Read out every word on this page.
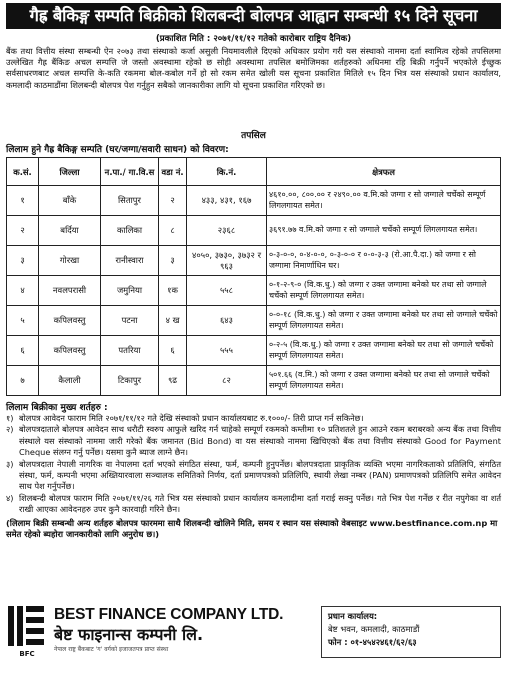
गैह्र बैकिङ्ग सम्पति बिक्रीको शिलबन्दी बोलपत्र आह्वान सम्बन्धी १५ दिने सूचना
(प्रकाशित मिति : २०७१/११/१२ गतेको कारोबार राष्ट्रिय दैनिक)
बैंक तथा वित्तीय संस्था सम्बन्धी ऐन २०७३ तथा संस्थाको कर्जा असुली नियमावलीले दिएको अधिकार प्रयोग गरी यस संस्थाको नाममा दर्ता स्वामित्व रहेको तपसिलमा उल्लेखित गैह्र बैंकिङ अचल सम्पत्ति जे जस्तो अवस्थामा रहेको छ सोही अवस्थामा तपसिल बमोजिमका शर्तहरुको अधिनमा रहि बिक्री गर्नुपर्ने भएकोले ईच्छुक सर्वसाधरणबाट अचल सम्पत्ति के-कति रकममा बोल-कबोल गर्ने हो सो रकम समेत खोली यस सूचना प्रकाशित मितिले १५ दिन भित्र यस संस्थाको प्रधान कार्यालय, कमलादी काठमाडौंमा शिलबन्दी बोलपत्र पेश गर्नुहुन सबैको जानकारीका लागि यो सूचना प्रकाशित गरिएको छ।
तपसिल
लिलाम हुने गैह्र बैकिङ्ग सम्पति (घर/जग्गा/सवारी साधन) को विवरण:
क.सं.	जिल्ला	न.पा./ गा.वि.स	वडा नं.	कि.नं.	क्षेत्रफल
१	बाँके	सितापुर	२	४३३, ४३१, १६७	४६१०.००, ८००.०० र २४९०.०० व.मि.को जग्गा र सो जग्गाले चर्चेको सम्पूर्ण लिगलगायत समेत।
२	बर्दिया	कालिका	८	२३६८	३६९१.७७ व.मि.को जग्गा र सो जग्गाले चर्चेको सम्पूर्ण लिगलगायत समेत।
३	गोरखा	रानीस्वारा	३	४०५०, ३७३०, ३७३२ र ९६३	०-३-०-०, ०-४-०-०, ०-३-०-० र ०-०-३-३ (रो.आ.पै.दा.) को जग्गा र सो जग्गामा निमार्णाधिन घर।
४	नवलपरासी	जमुनिया	१क	५५८	०-१-२-९-० (वि.क.धु.) को जग्गा र उक्त जग्गामा बनेको घर तथा सो जग्गाले चर्चेको सम्पूर्ण लिगलगायत समेत।
५	कपिलवस्तु	पटना	४ ख	६४३	०-०-१८ (वि.क.धु.) को जग्गा र उक्त जग्गामा बनेको घर तथा सो जग्गाले चर्चेको सम्पूर्ण लिगलगायत समेत।
६	कपिलवस्तु	पतरिया	६	५५५	०-२-५ (वि.क.धु.) को जग्गा र उक्त जग्गामा बनेको घर तथा सो जग्गाले चर्चेको सम्पूर्ण लिगलगायत समेत।
७	कैलाली	टिकापुर	९ढ	८२	५०१.६६ (व.मि.) को जग्गा र उक्त जग्गामा बनेको घर तथा सो जग्गाले चर्चेको सम्पूर्ण लिगलगायत समेत।
लिलाम बिक्रीका मुख्य शर्तहरु :
१) बोलपत्र आवेदन फाराम मिति २०७१/११/१२ गते देखि संस्थाको प्रधान कार्यालयबाट रु.१०००/- तिरी प्राप्त गर्न सकिनेछ।
२) बोलपत्रदाताले बोलपत्र आवेदन साथ धरौटी स्वरुप आफुले खरिद गर्न चाहेको सम्पूर्ण रकमको कम्तीमा १० प्रतिशतले हुन आउने रकम बराबरको अन्य बैंक तथा वित्तीय संस्थाले यस संस्थाको नाममा जारी गरेको बैंक जमानत (Bid Bond) वा यस संस्थाको नाममा खिचिएको बैंक तथा वित्तीय संस्थाको Good for Payment Cheque संलग्न गर्नु पर्नेछ। यसमा कुनै ब्याज लाग्ने छैन।
३) बोलपत्रदाता नेपाली नागरिक वा नेपालमा दर्ता भएको संगठित संस्था, फर्म, कम्पनी हुनुपर्नेछ। बोलपत्रदाता प्राकृतिक व्यक्ति भएमा नागरिकताको प्रतिलिपि, संगठित संस्था, फर्म, कम्पनी भएमा अख्तियारवाला सञ्चालक समितिको निर्णय, दर्ता प्रमाणपत्रको प्रतिलिपि, स्थायी लेखा नम्बर (PAN) प्रमाणपत्रको प्रतिलिपि समेत आवेदन साथ पेश गर्नुपर्नेछ।
४) शिलबन्दी बोलपत्र फाराम मिति २०७१/११/२६ गते भित्र यस संस्थाको प्रधान कार्यालय कमलादीमा दर्ता गराई सक्नु पर्नेछ। गते भित्र पेश गर्नेछ र रीत नपुगेका वा शर्त राखी आएका आवेदनहरु उपर कुनै कारवाही गरिने छैन।
(लिलाम बिक्री सम्बन्धी अन्य शर्तहरु बोलपत्र फारममा साथै शिलबन्दी खोलिने मिति, समय र स्थान यस संस्थाको वेबसाइट www.bestfinance.com.np मा समेत रहेको ब्यहोरा जानकारीको लागि अनुरोध छ।)
BFC
BEST FINANCE COMPANY LTD.
बेष्ट फाइनान्स कम्पनी लि.
नेपाल राष्ट्र बैंकबाट 'ग' वर्गको इजाजतपत्र प्राप्त संस्था
प्रधान कार्यालय:
बेष्ट भवन, कमलादी, काठमाडौं
फोन : ०१-४५४२४६१/६२/६३
